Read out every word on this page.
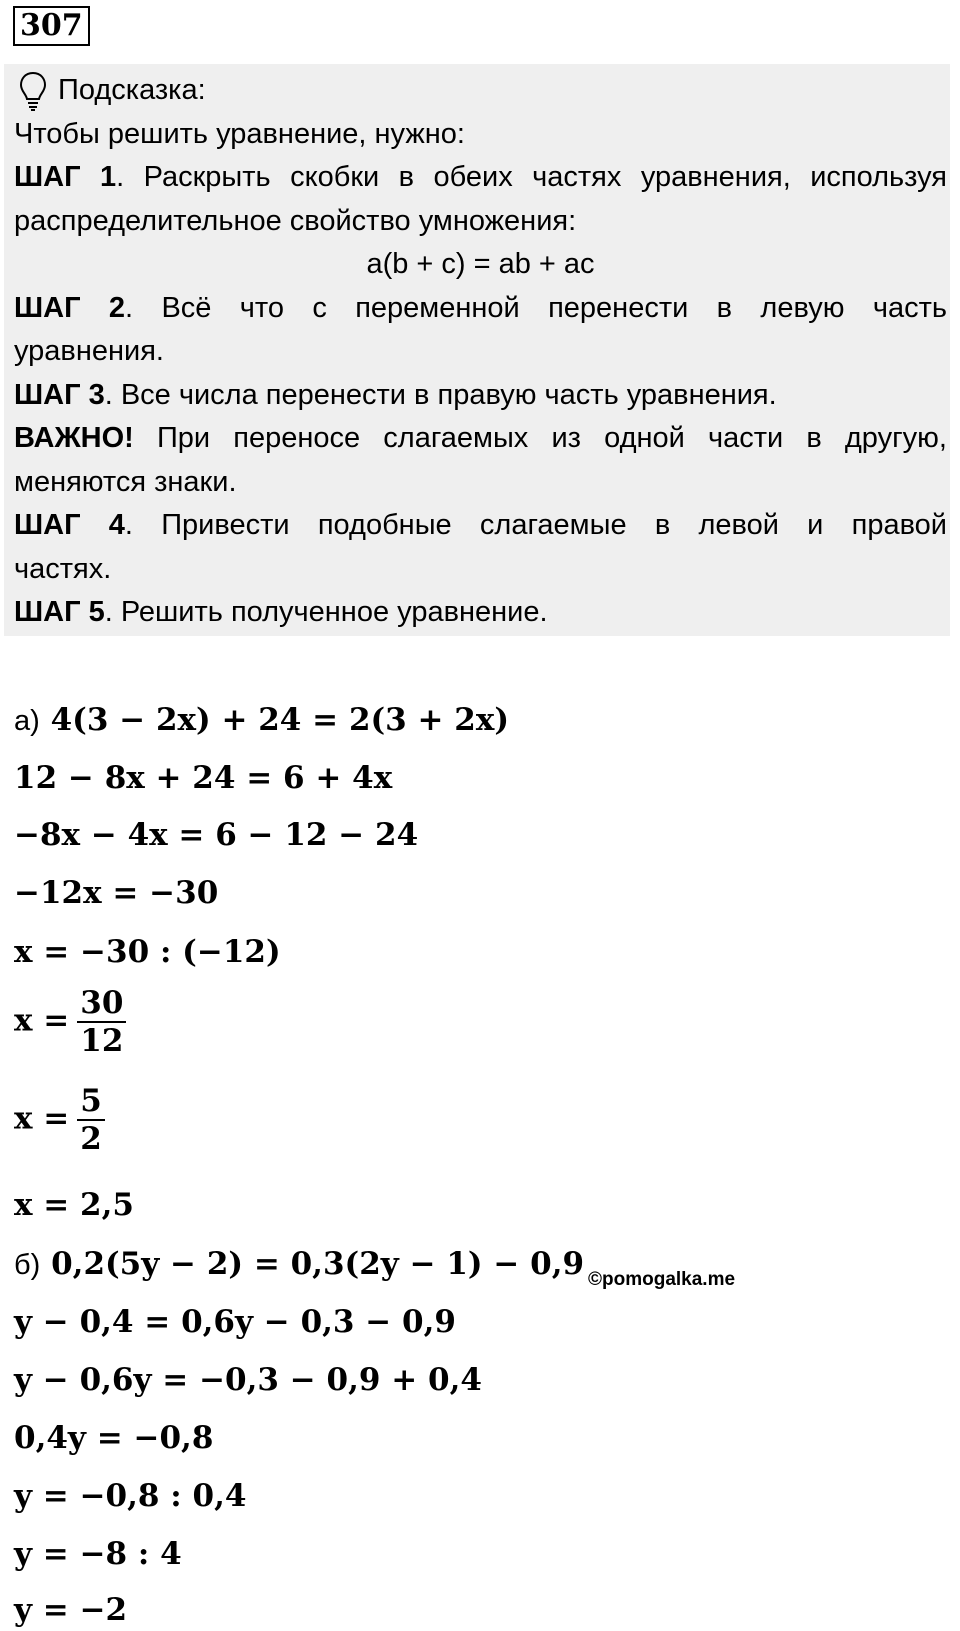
307
Подсказка:
Чтобы решить уравнение, нужно:
ШАГ 1. Раскрыть скобки в обеих частях уравнения, используя
распределительное свойство умножения:
a(b + c) = ab + ac
ШАГ 2. Всё что с переменной перенести в левую часть
уравнения.
ШАГ 3. Все числа перенести в правую часть уравнения.
ВАЖНО! При переносе слагаемых из одной части в другую,
меняются знаки.
ШАГ 4. Привести подобные слагаемые в левой и правой
частях.
ШАГ 5. Решить полученное уравнение.
а) 4(3 − 2x) + 24 = 2(3 + 2x)
12 − 8x + 24 = 6 + 4x
−8x − 4x = 6 − 12 − 24
−12x = −30
x = −30 : (−12)
$x = \frac{30}{12}$
$x = \frac{5}{2}$
x = 2,5
б) 0,2(5y − 2) = 0,3(2y − 1) − 0,9 ©pomogalka.me
y − 0,4 = 0,6y − 0,3 − 0,9
y − 0,6y = −0,3 − 0,9 + 0,4
0,4y = −0,8
y = −0,8 : 0,4
y = −8 : 4
y = −2
